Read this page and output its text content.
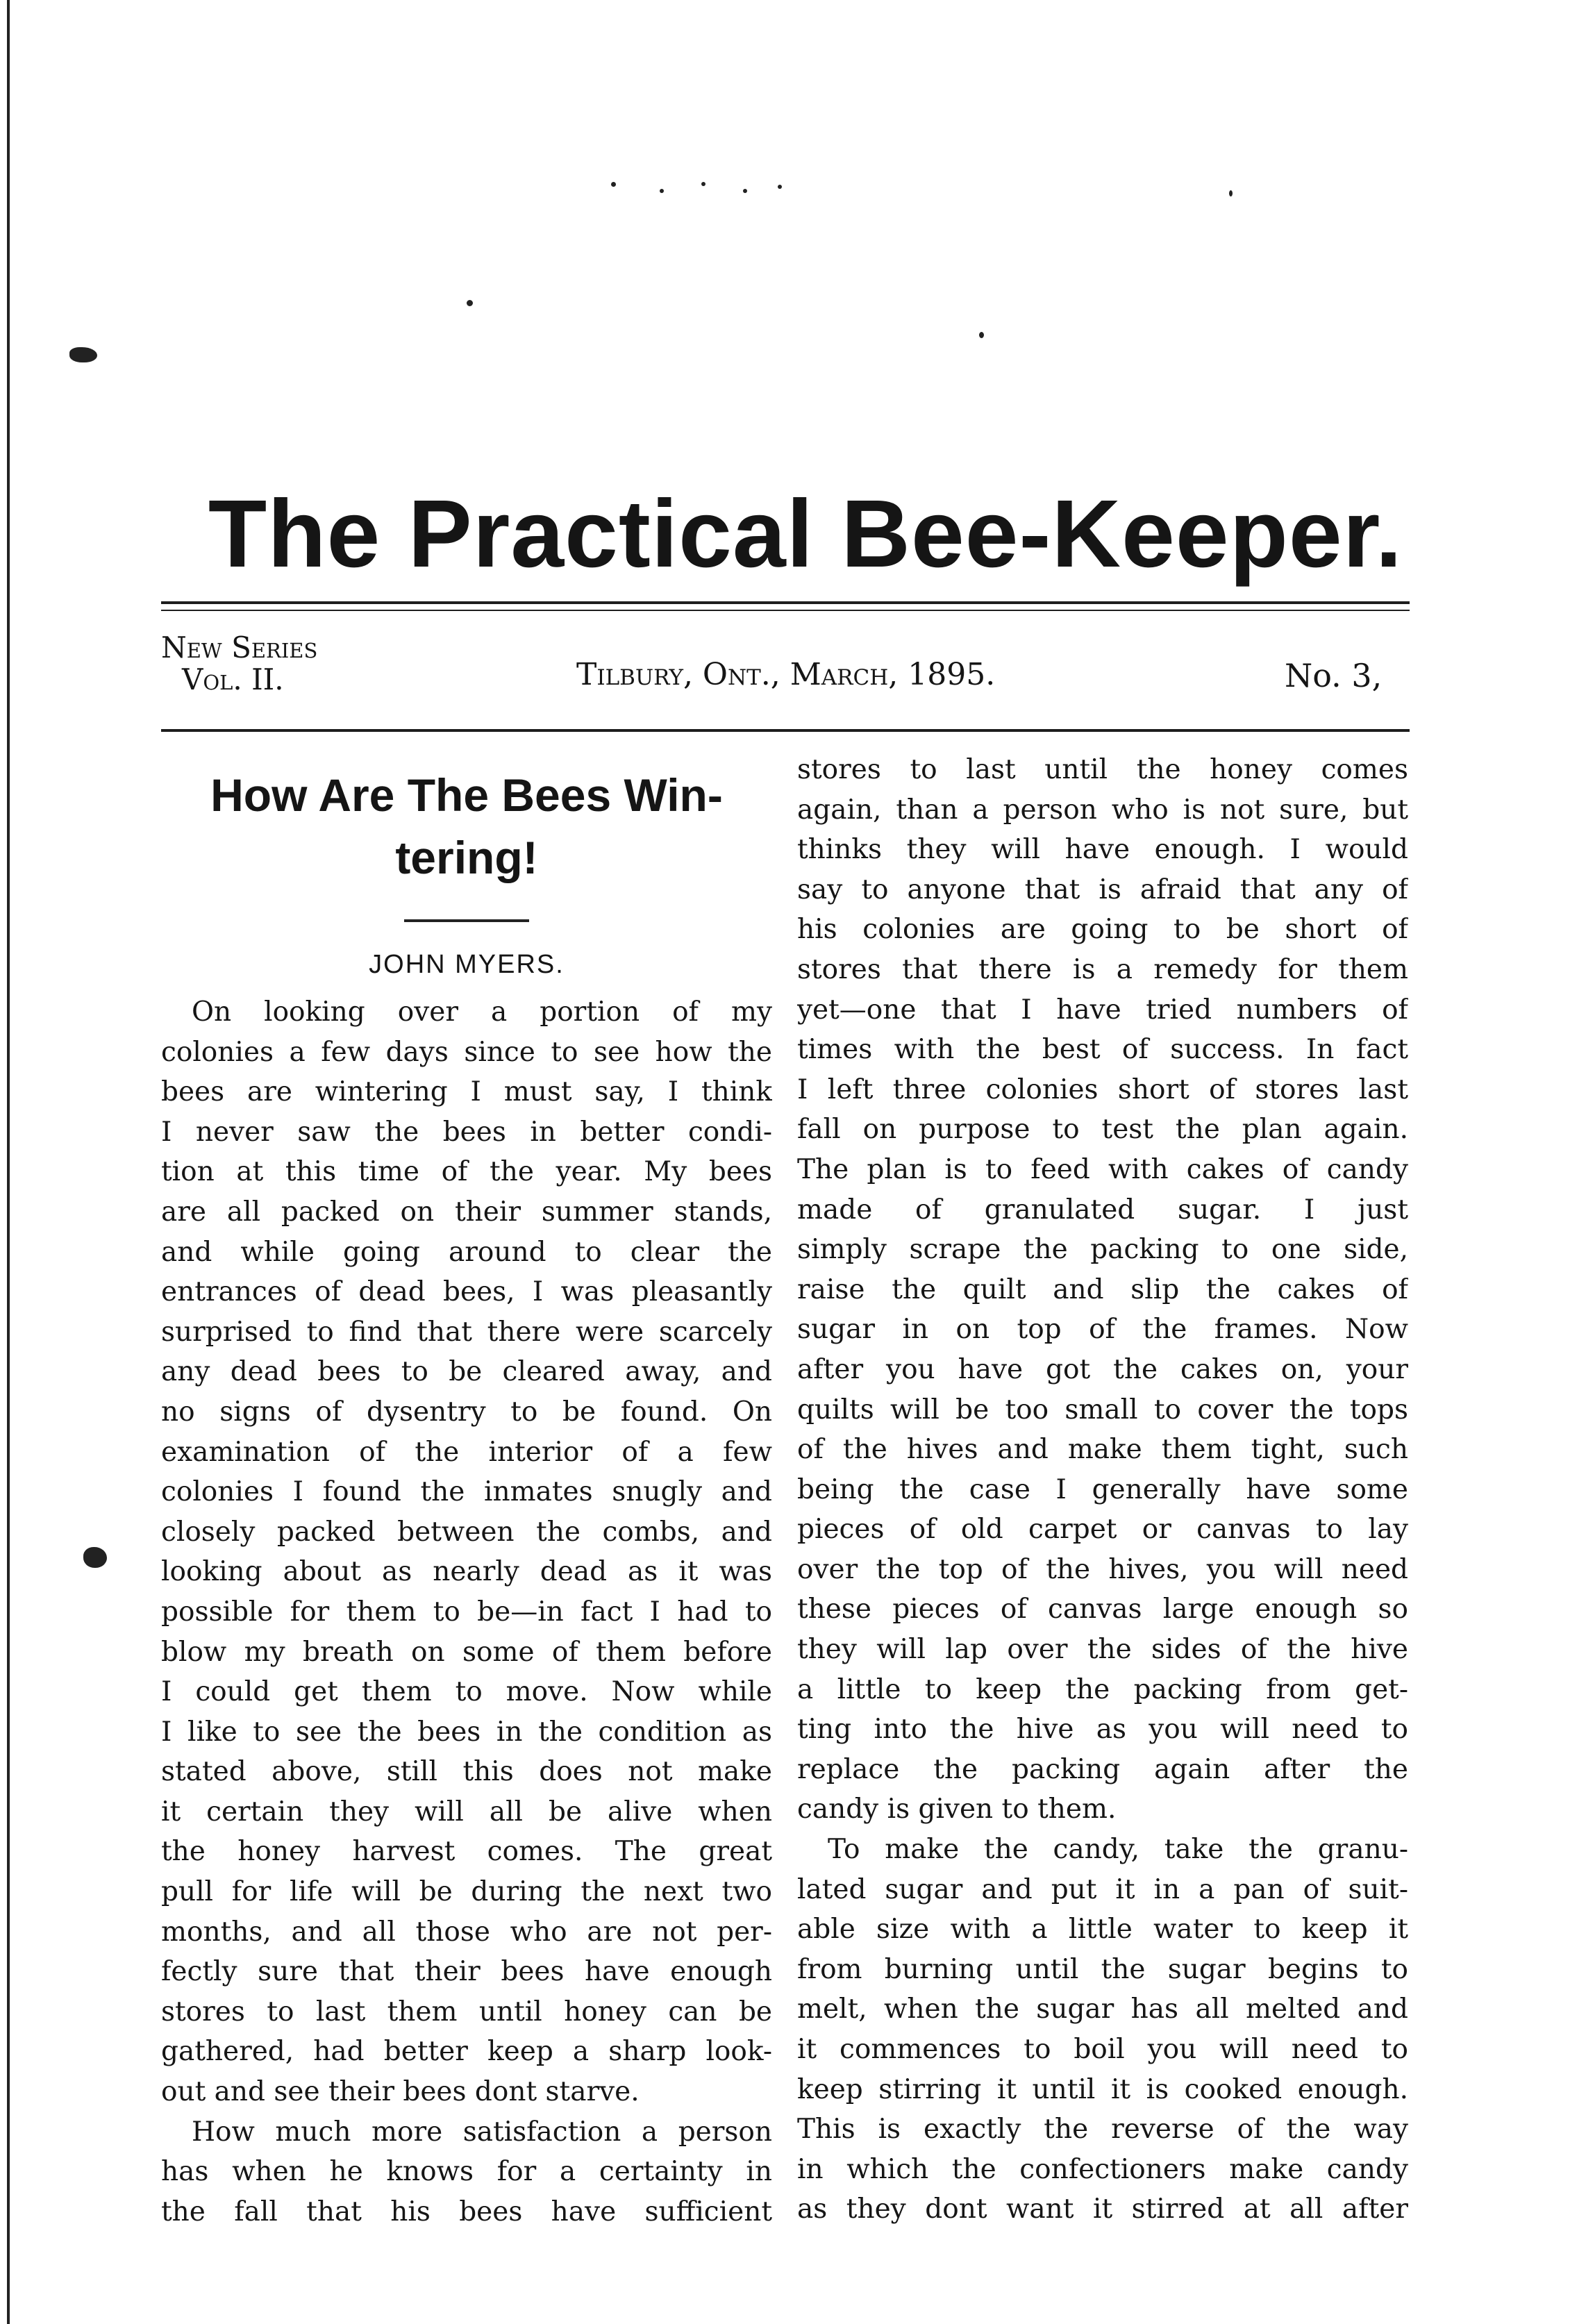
The Practical Bee-Keeper.
New Series
Vol. II.	Tilbury, Ont., March, 1895.	No. 3,
How Are The Bees Win-
tering!
JOHN MYERS.
On looking over a portion of my
colonies a few days since to see how the
bees are wintering I must say, I think
I never saw the bees in better condi-
tion at this time of the year. My bees
are all packed on their summer stands,
and while going around to clear the
entrances of dead bees, I was pleasantly
surprised to find that there were scarcely
any dead bees to be cleared away, and
no signs of dysentry to be found. On
examination of the interior of a few
colonies I found the inmates snugly and
closely packed between the combs, and
looking about as nearly dead as it was
possible for them to be—in fact I had to
blow my breath on some of them before
I could get them to move. Now while
I like to see the bees in the condition as
stated above, still this does not make
it certain they will all be alive when
the honey harvest comes. The great
pull for life will be during the next two
months, and all those who are not per-
fectly sure that their bees have enough
stores to last them until honey can be
gathered, had better keep a sharp look-
out and see their bees dont starve.
How much more satisfaction a person
has when he knows for a certainty in
the fall that his bees have sufficient
stores to last until the honey comes
again, than a person who is not sure, but
thinks they will have enough. I would
say to anyone that is afraid that any of
his colonies are going to be short of
stores that there is a remedy for them
yet—one that I have tried numbers of
times with the best of success. In fact
I left three colonies short of stores last
fall on purpose to test the plan again.
The plan is to feed with cakes of candy
made of granulated sugar. I just
simply scrape the packing to one side,
raise the quilt and slip the cakes of
sugar in on top of the frames. Now
after you have got the cakes on, your
quilts will be too small to cover the tops
of the hives and make them tight, such
being the case I generally have some
pieces of old carpet or canvas to lay
over the top of the hives, you will need
these pieces of canvas large enough so
they will lap over the sides of the hive
a little to keep the packing from get-
ting into the hive as you will need to
replace the packing again after the
candy is given to them.
To make the candy, take the granu-
lated sugar and put it in a pan of suit-
able size with a little water to keep it
from burning until the sugar begins to
melt, when the sugar has all melted and
it commences to boil you will need to
keep stirring it until it is cooked enough.
This is exactly the reverse of the way
in which the confectioners make candy
as they dont want it stirred at all after
